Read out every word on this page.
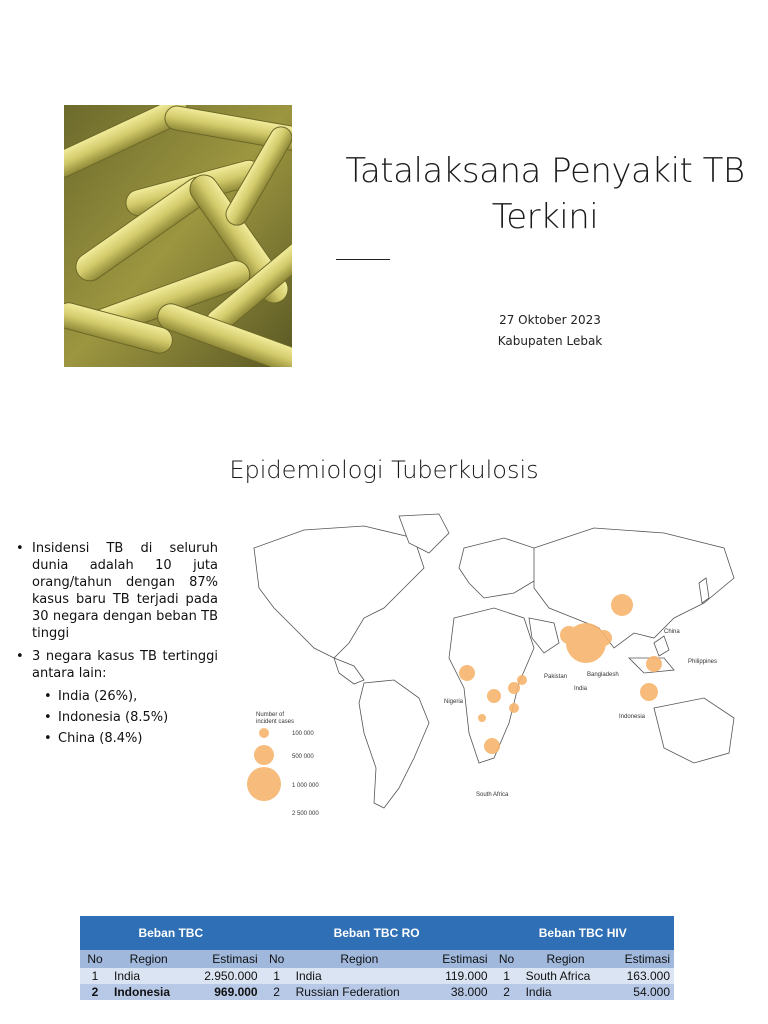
Tatalaksana Penyakit TB Terkini
27 Oktober 2023
Kabupaten Lebak
Epidemiologi Tuberkulosis
• Insidensi TB di seluruh dunia adalah 10 juta orang/tahun dengan 87% kasus baru TB terjadi pada 30 negara dengan beban TB tinggi
• 3 negara kasus TB tertinggi antara lain:
• India (26%),
• Indonesia (8.5%)
• China (8.4%)
Number of
incident cases
100 000
500 000
1 000 000
2 500 000
China
Philippines
Pakistan
India
Bangladesh
Nigeria
Indonesia
South Africa
Beban TBC			Beban TBC RO			Beban TBC HIV		
No	Region	Estimasi	No	Region	Estimasi	No	Region	Estimasi
1	India	2.950.000	1	India	119.000	1	South Africa	163.000
2	Indonesia	969.000	2	Russian Federation	38.000	2	India	54.000
